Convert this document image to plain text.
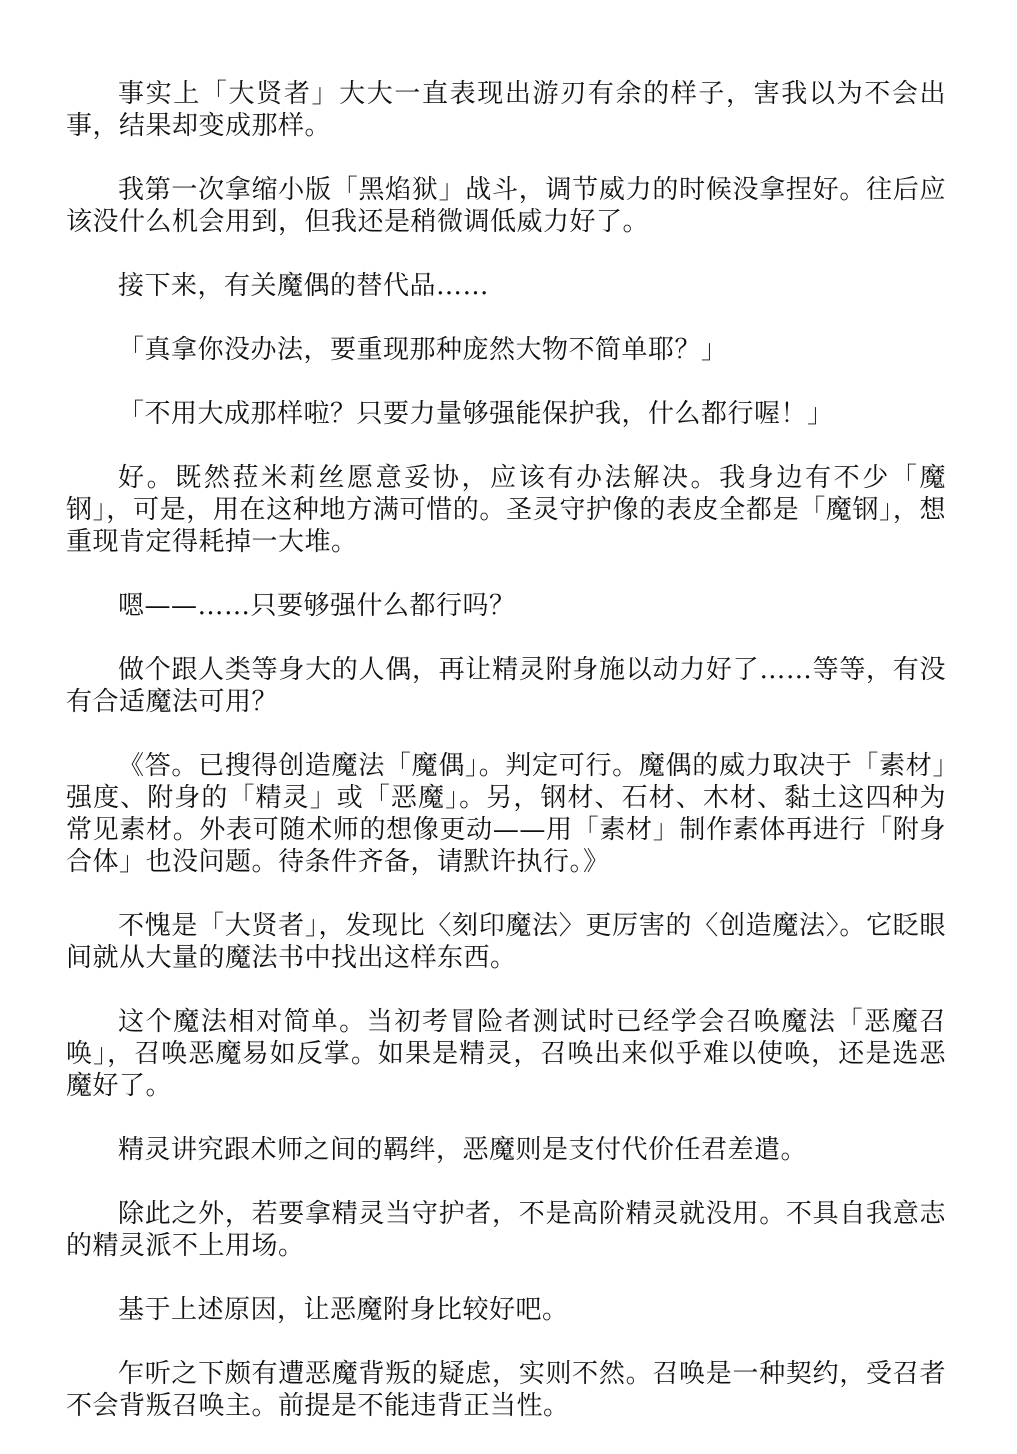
事实上「大贤者」大大一直表现出游刃有余的样子，害我以为不会出事，结果却变成那样。

我第一次拿缩小版「黑焰狱」战斗，调节威力的时候没拿捏好。往后应该没什么机会用到，但我还是稍微调低威力好了。

接下来，有关魔偶的替代品……

「真拿你没办法，要重现那种庞然大物不简单耶？」

「不用大成那样啦？只要力量够强能保护我，什么都行喔！」

好。既然菈米莉丝愿意妥协，应该有办法解决。我身边有不少「魔钢」，可是，用在这种地方满可惜的。圣灵守护像的表皮全都是「魔钢」，想重现肯定得耗掉一大堆。

嗯——……只要够强什么都行吗？

做个跟人类等身大的人偶，再让精灵附身施以动力好了……等等，有没有合适魔法可用？

《答。已搜得创造魔法「魔偶」。判定可行。魔偶的威力取决于「素材」强度、附身的「精灵」或「恶魔」。另，钢材、石材、木材、黏土这四种为常见素材。外表可随术师的想像更动——用「素材」制作素体再进行「附身合体」也没问题。待条件齐备，请默许执行。》

不愧是「大贤者」，发现比〈刻印魔法〉更厉害的〈创造魔法〉。它眨眼间就从大量的魔法书中找出这样东西。

这个魔法相对简单。当初考冒险者测试时已经学会召唤魔法「恶魔召唤」，召唤恶魔易如反掌。如果是精灵，召唤出来似乎难以使唤，还是选恶魔好了。

精灵讲究跟术师之间的羁绊，恶魔则是支付代价任君差遣。

除此之外，若要拿精灵当守护者，不是高阶精灵就没用。不具自我意志的精灵派不上用场。

基于上述原因，让恶魔附身比较好吧。

乍听之下颇有遭恶魔背叛的疑虑，实则不然。召唤是一种契约，受召者不会背叛召唤主。前提是不能违背正当性。
